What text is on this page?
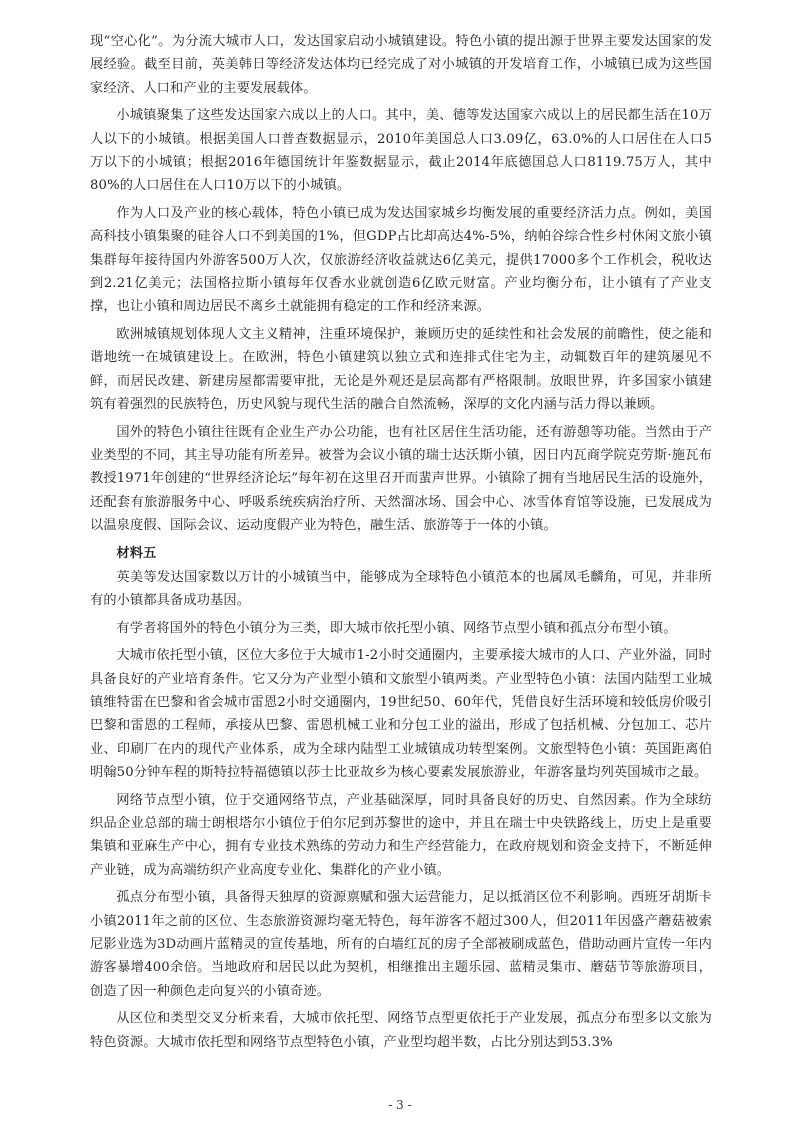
现“空心化”。为分流大城市人口，发达国家启动小城镇建设。特色小镇的提出源于世界主要发达国家的发展经验。截至目前，英美韩日等经济发达体均已经完成了对小城镇的开发培育工作，小城镇已成为这些国家经济、人口和产业的主要发展载体。

小城镇聚集了这些发达国家六成以上的人口。其中，美、德等发达国家六成以上的居民都生活在10万人以下的小城镇。根据美国人口普查数据显示，2010年美国总人口3.09亿，63.0%的人口居住在人口5万以下的小城镇；根据2016年德国统计年鉴数据显示，截止2014年底德国总人口8119.75万人，其中80%的人口居住在人口10万以下的小城镇。

作为人口及产业的核心载体，特色小镇已成为发达国家城乡均衡发展的重要经济活力点。例如，美国高科技小镇集聚的硅谷人口不到美国的1%，但GDP占比却高达4%-5%，纳帕谷综合性乡村休闲文旅小镇集群每年接待国内外游客500万人次，仅旅游经济收益就达6亿美元，提供17000多个工作机会，税收达到2.21亿美元；法国格拉斯小镇每年仅香水业就创造6亿欧元财富。产业均衡分布，让小镇有了产业支撑，也让小镇和周边居民不离乡土就能拥有稳定的工作和经济来源。

欧洲城镇规划体现人文主义精神，注重环境保护，兼顾历史的延续性和社会发展的前瞻性，使之能和谐地统一在城镇建设上。在欧洲，特色小镇建筑以独立式和连排式住宅为主，动辄数百年的建筑屡见不鲜，而居民改建、新建房屋都需要审批，无论是外观还是层高都有严格限制。放眼世界，许多国家小镇建筑有着强烈的民族特色，历史风貌与现代生活的融合自然流畅，深厚的文化内涵与活力得以兼顾。

国外的特色小镇往往既有企业生产办公功能，也有社区居住生活功能，还有游憩等功能。当然由于产业类型的不同，其主导功能有所差异。被誉为会议小镇的瑞士达沃斯小镇，因日内瓦商学院克劳斯·施瓦布教授1971年创建的“世界经济论坛”每年初在这里召开而蜚声世界。小镇除了拥有当地居民生活的设施外，还配套有旅游服务中心、呼吸系统疾病治疗所、天然溜冰场、国会中心、冰雪体育馆等设施，已发展成为以温泉度假、国际会议、运动度假产业为特色，融生活、旅游等于一体的小镇。

材料五

英美等发达国家数以万计的小城镇当中，能够成为全球特色小镇范本的也属凤毛麟角，可见，并非所有的小镇都具备成功基因。

有学者将国外的特色小镇分为三类，即大城市依托型小镇、网络节点型小镇和孤点分布型小镇。

大城市依托型小镇，区位大多位于大城市1-2小时交通圈内，主要承接大城市的人口、产业外溢，同时具备良好的产业培育条件。它又分为产业型小镇和文旅型小镇两类。产业型特色小镇：法国内陆型工业城镇维特雷在巴黎和省会城市雷恩2小时交通圈内，19世纪50、60年代，凭借良好生活环境和较低房价吸引巴黎和雷恩的工程师，承接从巴黎、雷恩机械工业和分包工业的溢出，形成了包括机械、分包加工、芯片业、印刷厂在内的现代产业体系，成为全球内陆型工业城镇成功转型案例。文旅型特色小镇：英国距离伯明翰50分钟车程的斯特拉特福德镇以莎士比亚故乡为核心要素发展旅游业，年游客量均列英国城市之最。

网络节点型小镇，位于交通网络节点，产业基础深厚，同时具备良好的历史、自然因素。作为全球纺织品企业总部的瑞士朗根塔尔小镇位于伯尔尼到苏黎世的途中，并且在瑞士中央铁路线上，历史上是重要集镇和亚麻生产中心，拥有专业技术熟练的劳动力和生产经营能力，在政府规划和资金支持下，不断延伸产业链，成为高端纺织产业高度专业化、集群化的产业小镇。

孤点分布型小镇，具备得天独厚的资源禀赋和强大运营能力，足以抵消区位不利影响。西班牙胡斯卡小镇2011年之前的区位、生态旅游资源均毫无特色，每年游客不超过300人，但2011年因盛产蘑菇被索尼影业选为3D动画片蓝精灵的宣传基地，所有的白墙红瓦的房子全部被刷成蓝色，借助动画片宣传一年内游客暴增400余倍。当地政府和居民以此为契机，相继推出主题乐园、蓝精灵集市、蘑菇节等旅游项目，创造了因一种颜色走向复兴的小镇奇迹。

从区位和类型交叉分析来看，大城市依托型、网络节点型更依托于产业发展，孤点分布型多以文旅为特色资源。大城市依托型和网络节点型特色小镇，产业型均超半数，占比分别达到53.3%

- 3 -
